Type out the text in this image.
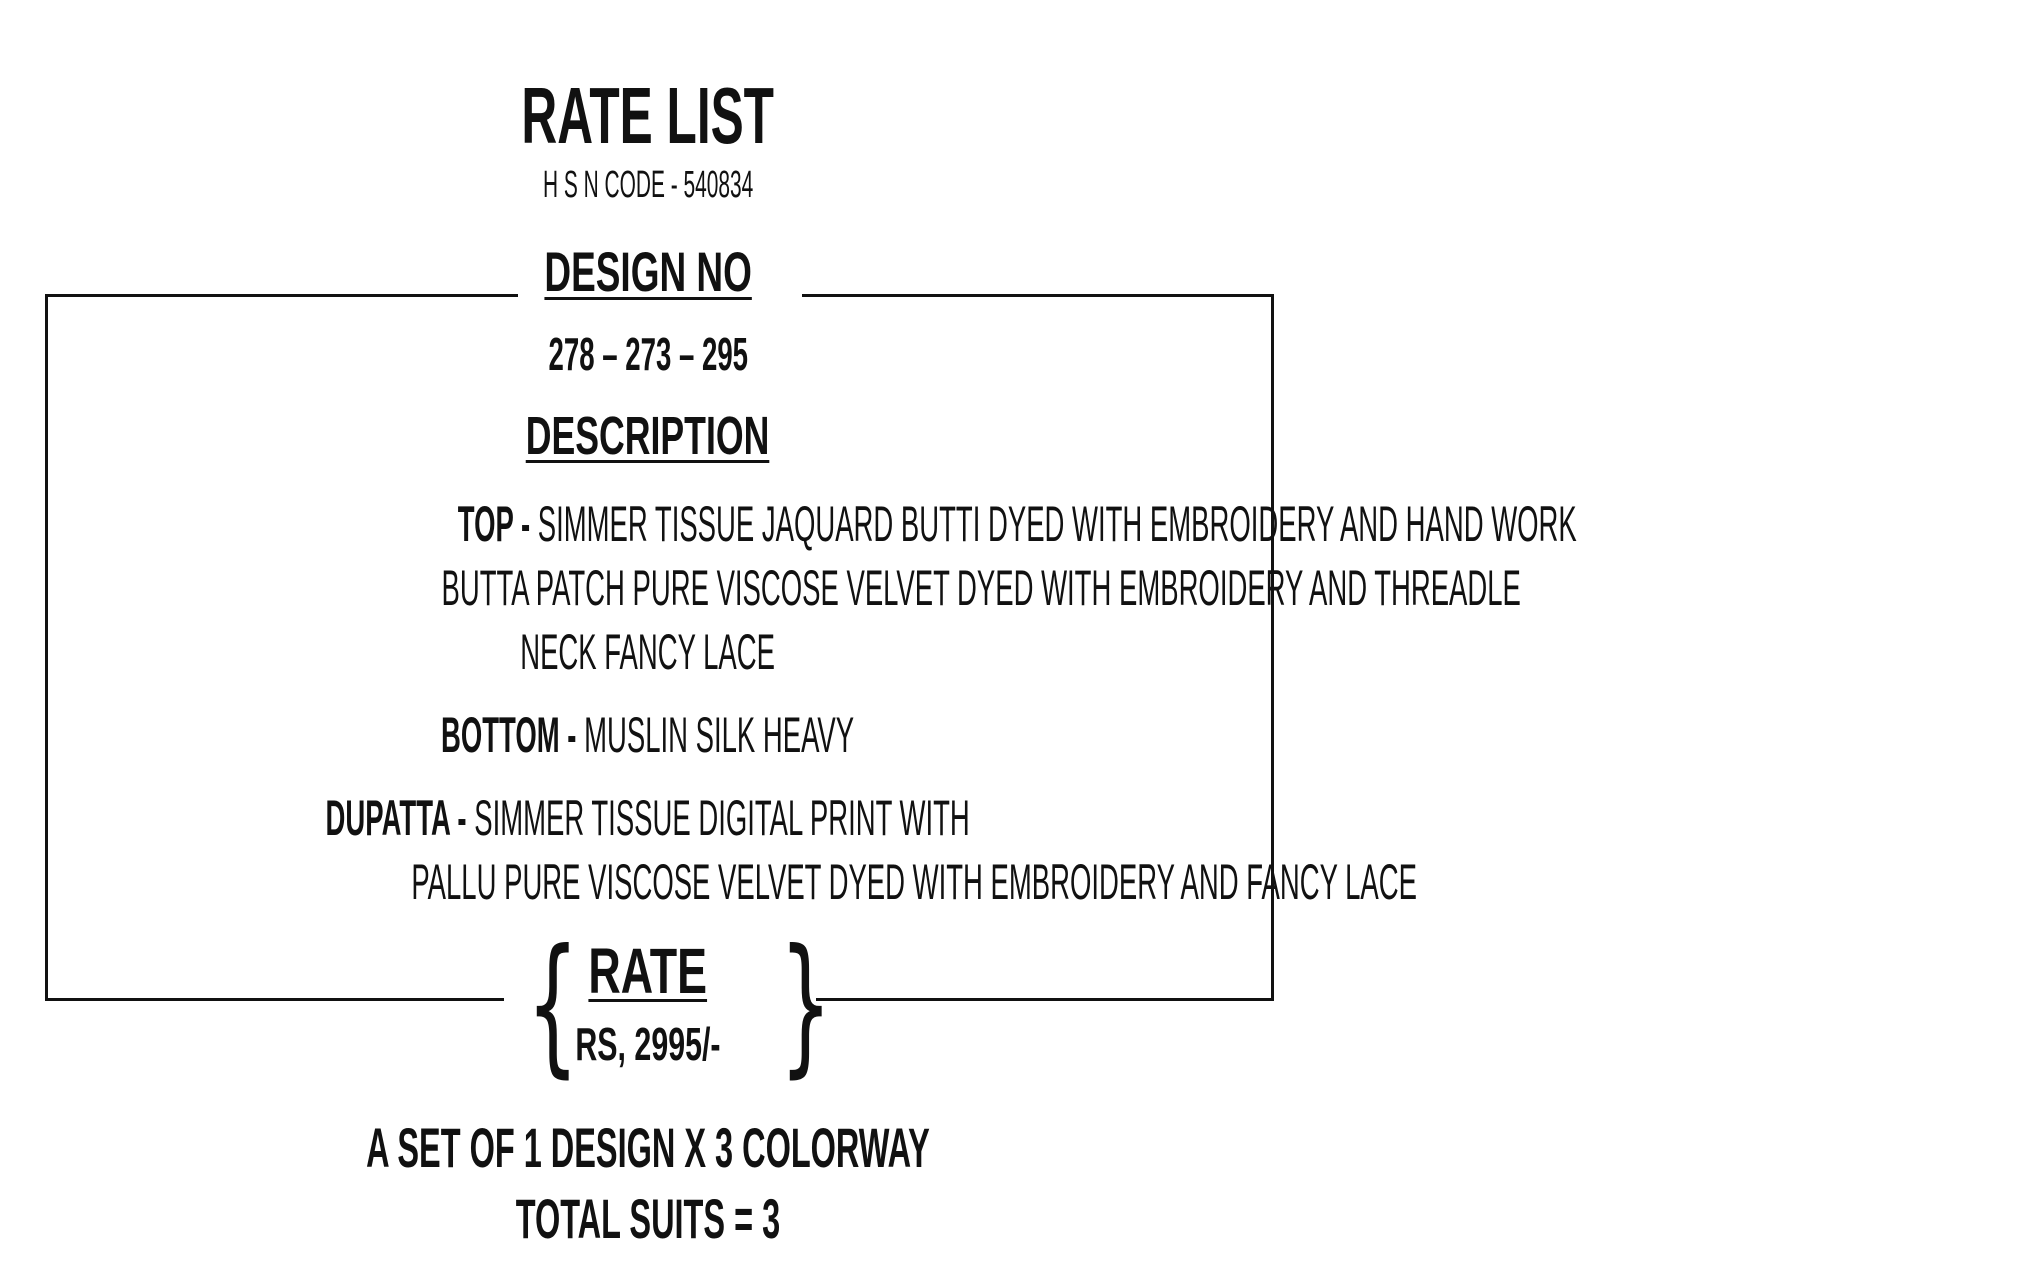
RATE LIST
H S N CODE - 540834
DESIGN NO
278 – 273 – 295
DESCRIPTION
TOP - SIMMER TISSUE JAQUARD BUTTI DYED WITH EMBROIDERY AND HAND WORK
BUTTA PATCH PURE VISCOSE VELVET DYED WITH EMBROIDERY AND THREADLE
NECK FANCY LACE
BOTTOM - MUSLIN SILK HEAVY
DUPATTA - SIMMER TISSUE DIGITAL PRINT WITH
PALLU PURE VISCOSE VELVET DYED WITH EMBROIDERY AND FANCY LACE
{ }
RATE
RS, 2995/-
A SET OF 1 DESIGN X 3 COLORWAY
TOTAL SUITS = 3
